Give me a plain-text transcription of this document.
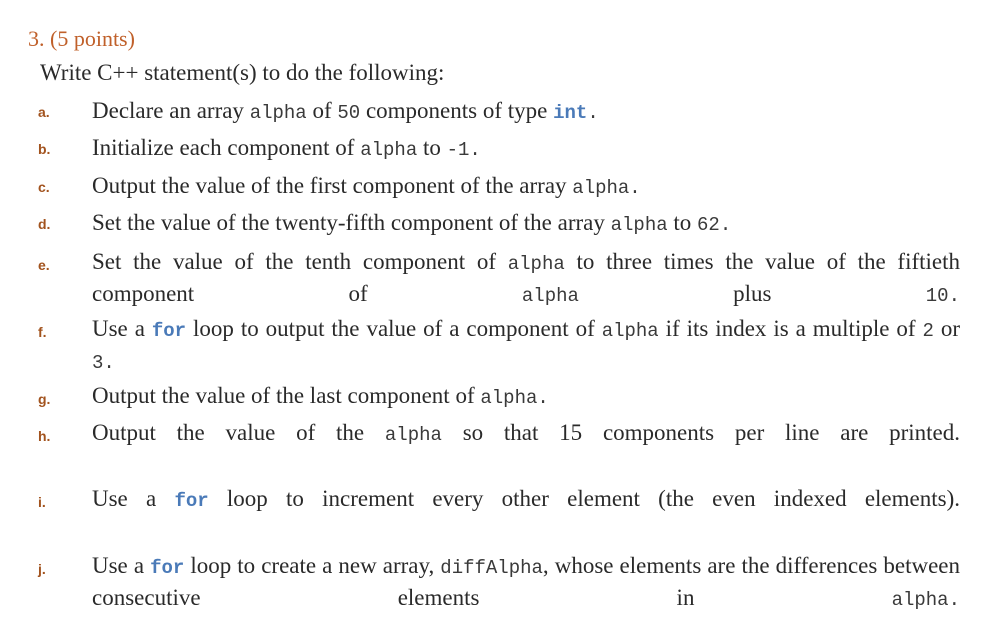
3. (5 points)
Write C++ statement(s) to do the following:
a. Declare an array alpha of 50 components of type int.
b. Initialize each component of alpha to -1.
c. Output the value of the first component of the array alpha.
d. Set the value of the twenty-fifth component of the array alpha to 62.
e. Set the value of the tenth component of alpha to three times the value of the fiftieth component of alpha plus 10.
f. Use a for loop to output the value of a component of alpha if its index is a multiple of 2 or 3.
g. Output the value of the last component of alpha.
h. Output the value of the alpha so that 15 components per line are printed.
i. Use a for loop to increment every other element (the even indexed elements).
j. Use a for loop to create a new array, diffAlpha, whose elements are the differences between consecutive elements in alpha.
